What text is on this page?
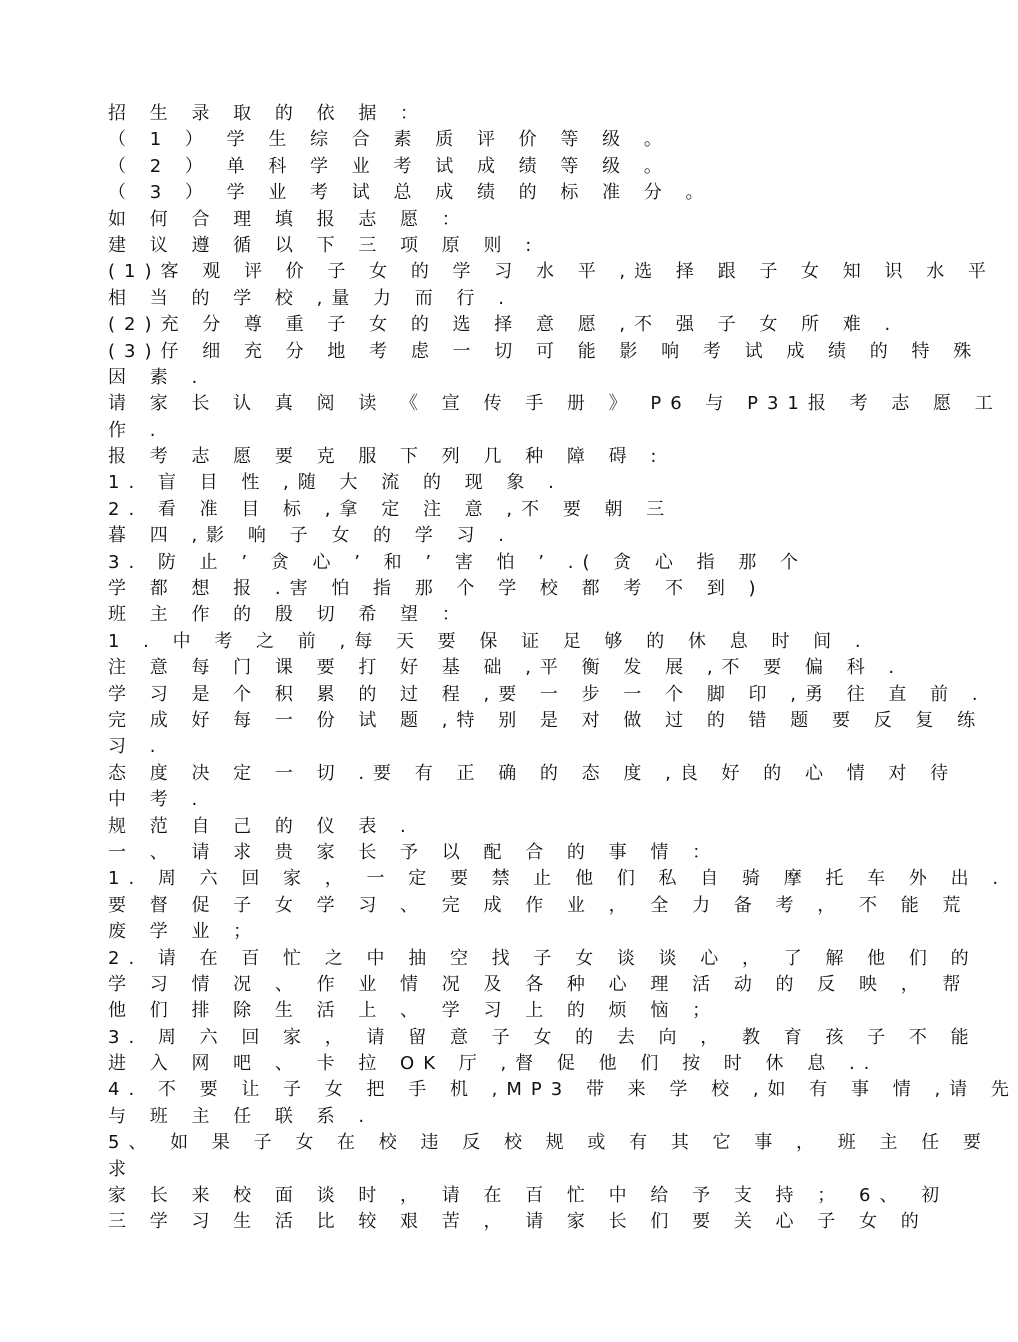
招 生 录 取 的 依 据 ：
（ 1 ） 学 生 综 合 素 质 评 价 等 级 。
（ 2 ） 单 科 学 业 考 试 成 绩 等 级 。
（ 3 ） 学 业 考 试 总 成 绩 的 标 准 分 。
如 何 合 理 填 报 志 愿 ：
建 议 遵 循 以 下 三 项 原 则 :
(1)客 观 评 价 子 女 的 学 习 水 平 ,选 择 跟 子 女 知 识 水 平
相 当 的 学 校 ,量 力 而 行 .
(2)充 分 尊 重 子 女 的 选 择 意 愿 ,不 强 子 女 所 难 .
(3)仔 细 充 分 地 考 虑 一 切 可 能 影 响 考 试 成 绩 的 特 殊
因 素 .
请 家 长 认 真 阅 读 《 宣 传 手 册 》 P6 与 P31报 考 志 愿 工
作 .
报 考 志 愿 要 克 服 下 列 几 种 障 碍 :
1. 盲 目 性 ,随 大 流 的 现 象 .
2. 看 准 目 标 ,拿 定 注 意 ,不 要 朝 三
暮 四 ,影 响 子 女 的 学 习 .
3. 防 止 ’ 贪 心 ’ 和 ’ 害 怕 ’ .( 贪 心 指 那 个
学 都 想 报 .害 怕 指 那 个 学 校 都 考 不 到 )
班 主 作 的 殷 切 希 望 ：
1 . 中 考 之 前 ,每 天 要 保 证 足 够 的 休 息 时 间 .
注 意 每 门 课 要 打 好 基 础 ,平 衡 发 展 ,不 要 偏 科 .
学 习 是 个 积 累 的 过 程 ,要 一 步 一 个 脚 印 ,勇 往 直 前 .
完 成 好 每 一 份 试 题 ,特 别 是 对 做 过 的 错 题 要 反 复 练
习 .
态 度 决 定 一 切 .要 有 正 确 的 态 度 ,良 好 的 心 情 对 待
中 考 .
规 范 自 己 的 仪 表 .
一 、 请 求 贵 家 长 予 以 配 合 的 事 情 ：
1. 周 六 回 家 ， 一 定 要 禁 止 他 们 私 自 骑 摩 托 车 外 出 .
要 督 促 子 女 学 习 、 完 成 作 业 ， 全 力 备 考 ， 不 能 荒
废 学 业 ；
2. 请 在 百 忙 之 中 抽 空 找 子 女 谈 谈 心 ， 了 解 他 们 的
学 习 情 况 、 作 业 情 况 及 各 种 心 理 活 动 的 反 映 ， 帮
他 们 排 除 生 活 上 、 学 习 上 的 烦 恼 ；
3. 周 六 回 家 ， 请 留 意 子 女 的 去 向 ， 教 育 孩 子 不 能
进 入 网 吧 、 卡 拉 OK 厅 ,督 促 他 们 按 时 休 息 ..
4. 不 要 让 子 女 把 手 机 ,MP3 带 来 学 校 ,如 有 事 情 ,请 先
与 班 主 任 联 系 .
5、 如 果 子 女 在 校 违 反 校 规 或 有 其 它 事 ， 班 主 任 要
求
家 长 来 校 面 谈 时 ， 请 在 百 忙 中 给 予 支 持 ； 6、 初
三 学 习 生 活 比 较 艰 苦 ， 请 家 长 们 要 关 心 子 女 的
